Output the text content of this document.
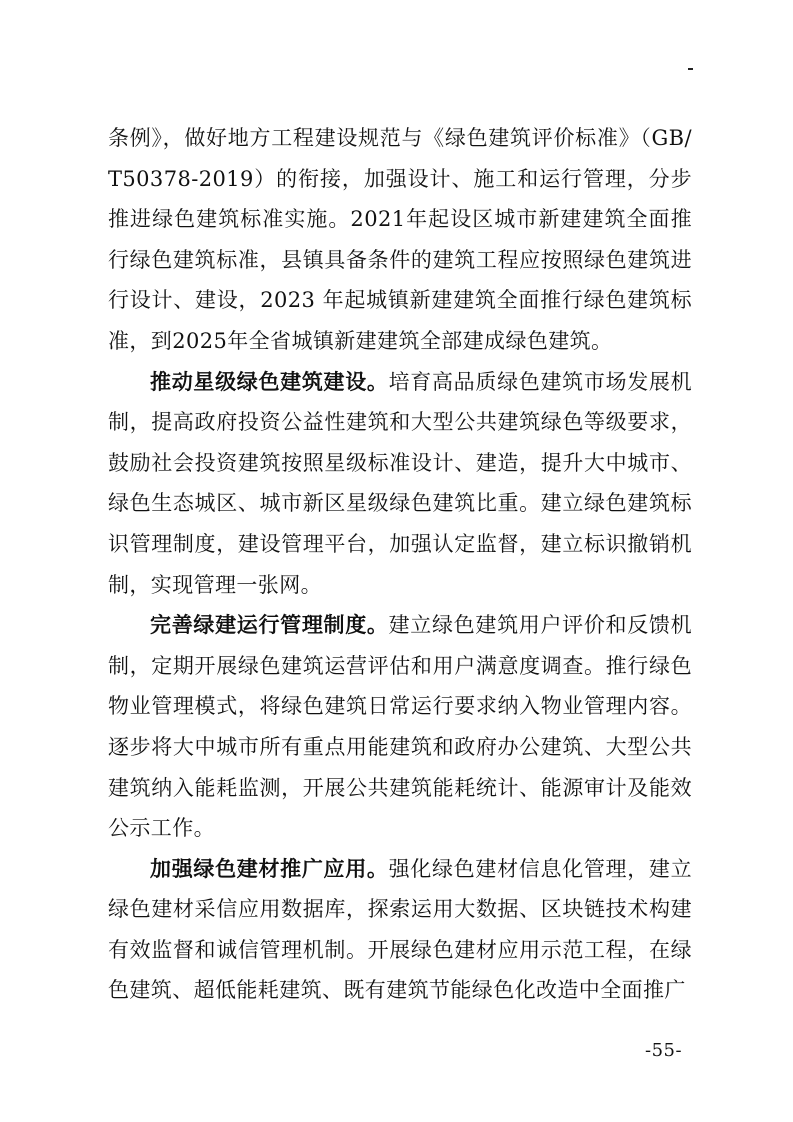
条例》，做好地方工程建设规范与《绿色建筑评价标准》（GB/T50378-2019）的衔接，加强设计、施工和运行管理，分步推进绿色建筑标准实施。2021年起设区城市新建建筑全面推行绿色建筑标准，县镇具备条件的建筑工程应按照绿色建筑进行设计、建设，2023 年起城镇新建建筑全面推行绿色建筑标准，到2025年全省城镇新建建筑全部建成绿色建筑。

推动星级绿色建筑建设。培育高品质绿色建筑市场发展机制，提高政府投资公益性建筑和大型公共建筑绿色等级要求，鼓励社会投资建筑按照星级标准设计、建造，提升大中城市、绿色生态城区、城市新区星级绿色建筑比重。建立绿色建筑标识管理制度，建设管理平台，加强认定监督，建立标识撤销机制，实现管理一张网。

完善绿建运行管理制度。建立绿色建筑用户评价和反馈机制，定期开展绿色建筑运营评估和用户满意度调查。推行绿色物业管理模式，将绿色建筑日常运行要求纳入物业管理内容。逐步将大中城市所有重点用能建筑和政府办公建筑、大型公共建筑纳入能耗监测，开展公共建筑能耗统计、能源审计及能效公示工作。

加强绿色建材推广应用。强化绿色建材信息化管理，建立绿色建材采信应用数据库，探索运用大数据、区块链技术构建有效监督和诚信管理机制。开展绿色建材应用示范工程，在绿色建筑、超低能耗建筑、既有建筑节能绿色化改造中全面推广

-55-
